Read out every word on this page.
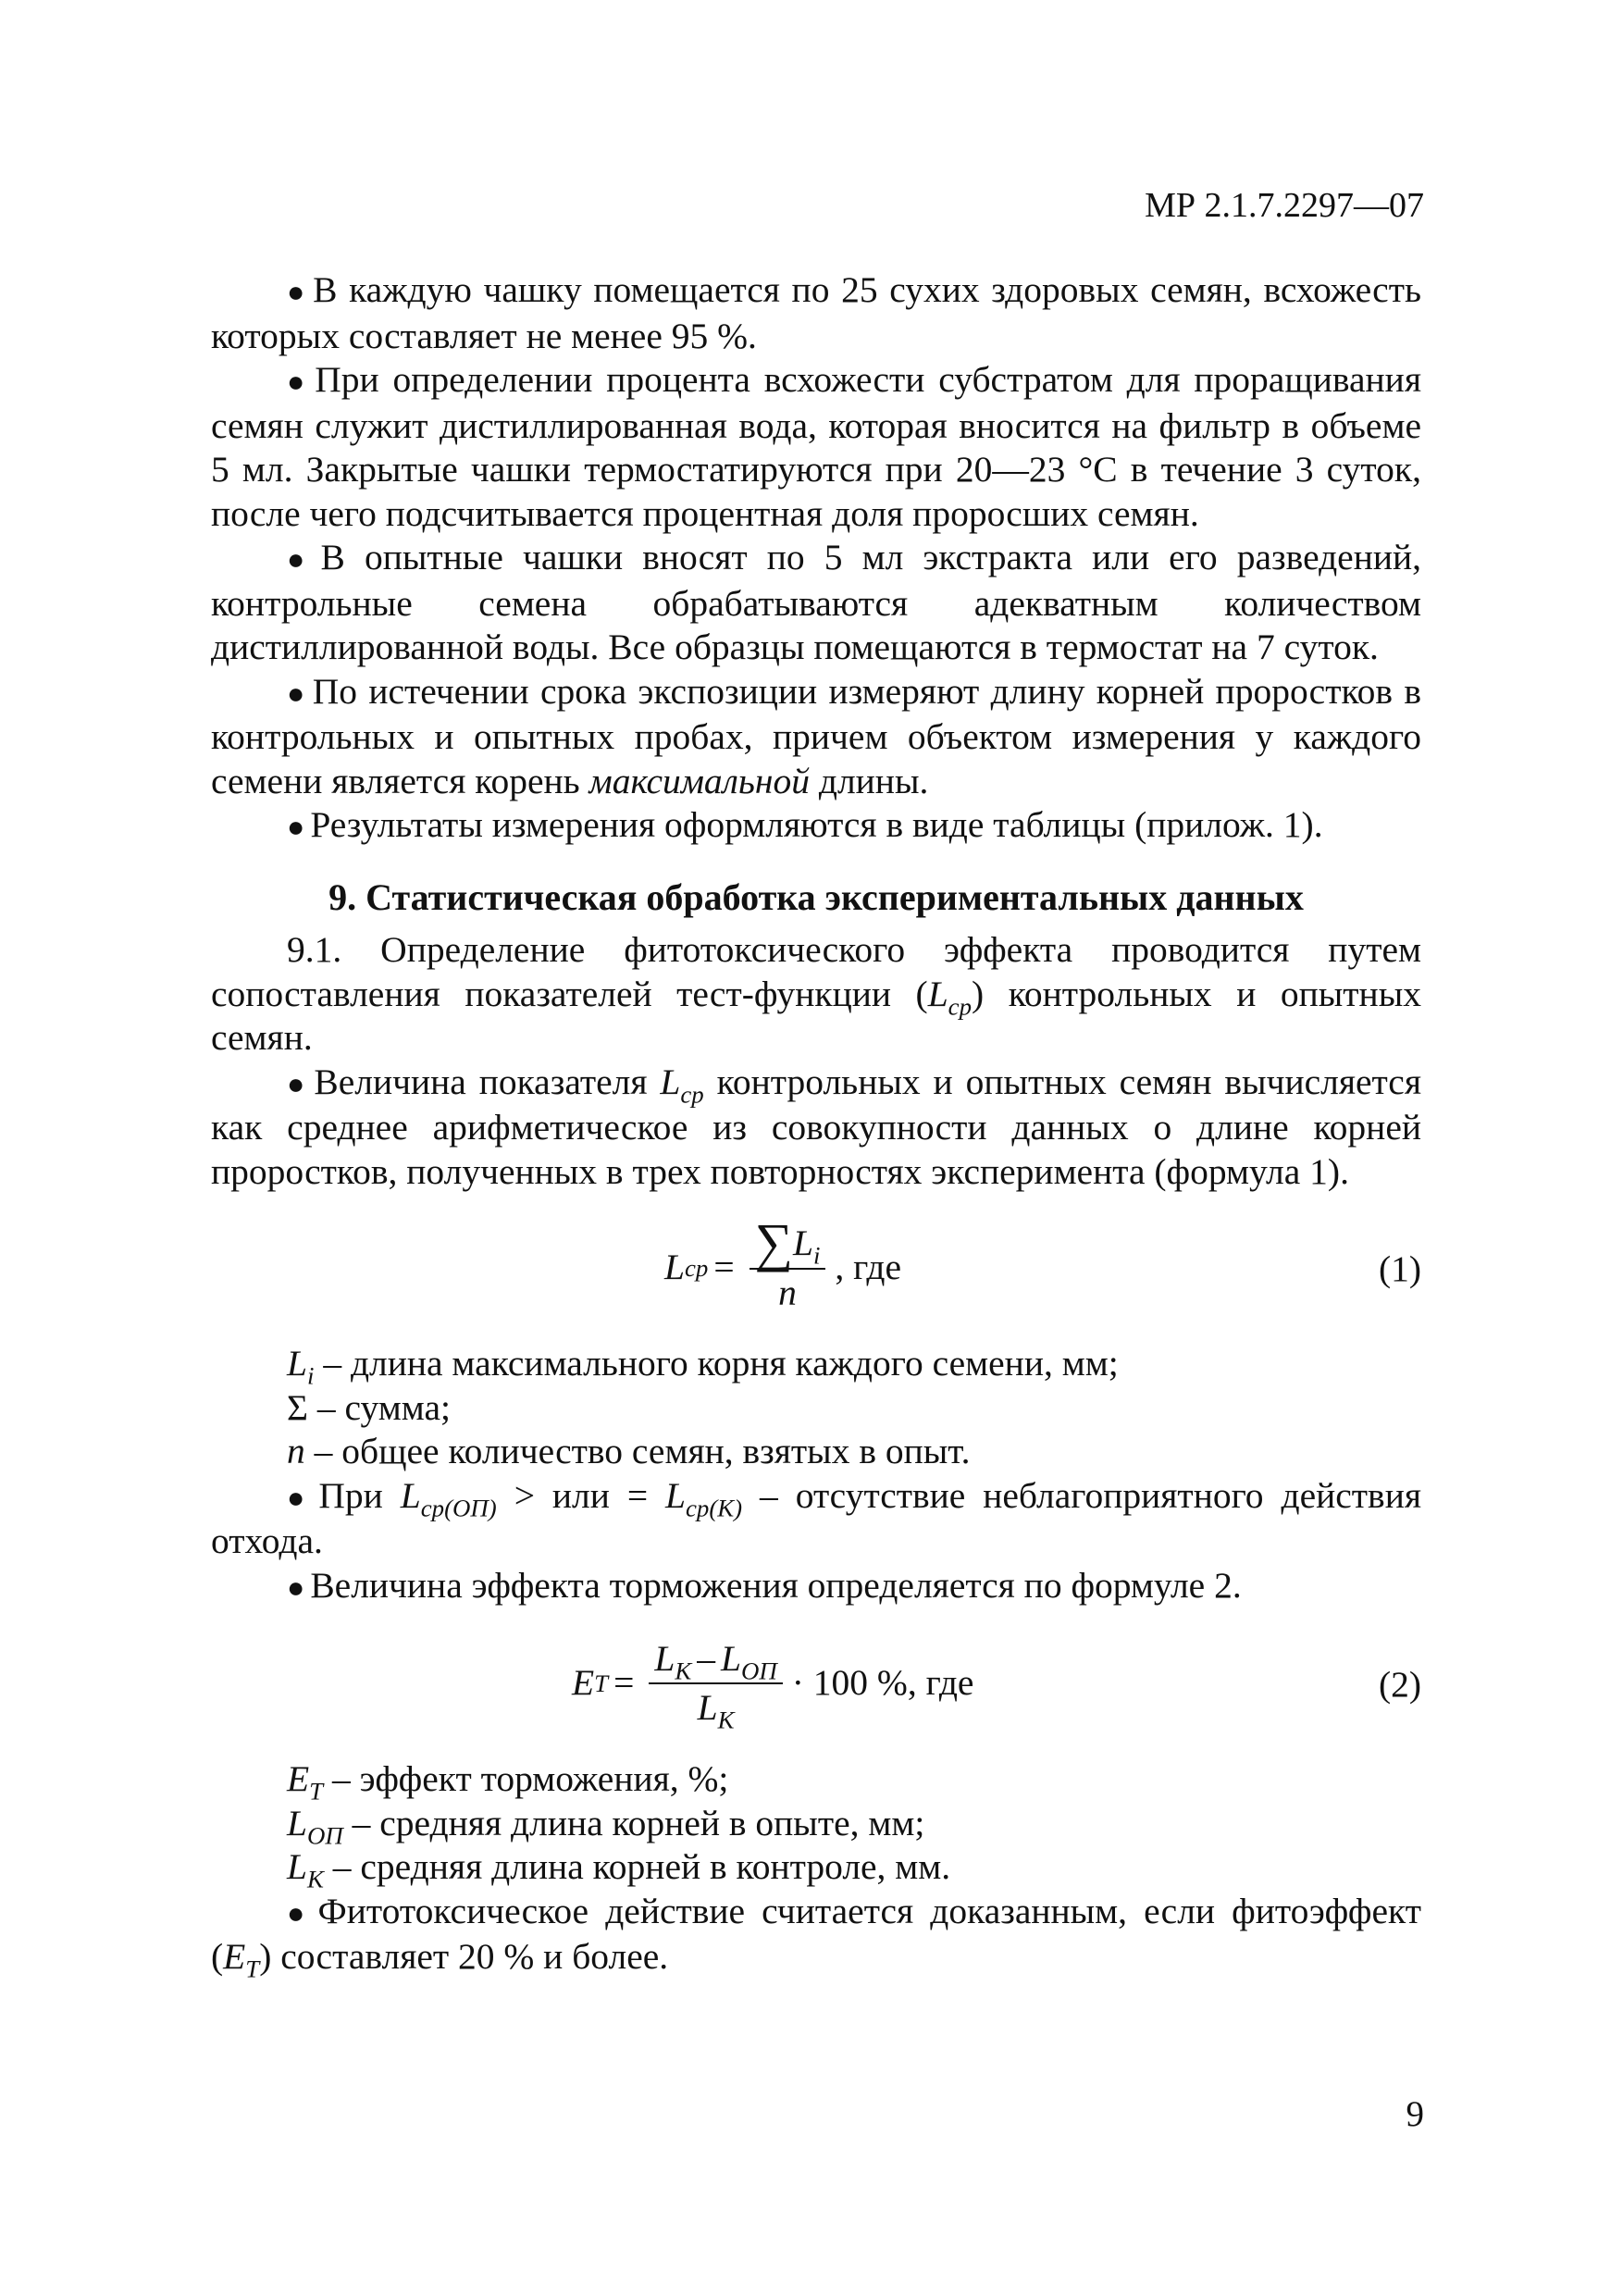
МР 2.1.7.2297—07

● В каждую чашку помещается по 25 сухих здоровых семян, всхожесть которых составляет не менее 95 %.

● При определении процента всхожести субстратом для проращивания семян служит дистиллированная вода, которая вносится на фильтр в объеме 5 мл. Закрытые чашки термостатируются при 20—23 °C в течение 3 суток, после чего подсчитывается процентная доля проросших семян.

● В опытные чашки вносят по 5 мл экстракта или его разведений, контрольные семена обрабатываются адекватным количеством дистиллированной воды. Все образцы помещаются в термостат на 7 суток.

● По истечении срока экспозиции измеряют длину корней проростков в контрольных и опытных пробах, причем объектом измерения у каждого семени является корень максимальной длины.

● Результаты измерения оформляются в виде таблицы (прилож. 1).

9. Статистическая обработка экспериментальных данных

9.1. Определение фитотоксического эффекта проводится путем сопоставления показателей тест-функции $(L_{ср})$ контрольных и опытных семян.

● Величина показателя $L_{ср}$ контрольных и опытных семян вычисляется как среднее арифметическое из совокупности данных о длине корней проростков, полученных в трех повторностях эксперимента (формула 1).

L ср = $\frac{\sum L_i}{n}$ , где	(1)

$L_i$ – длина максимального корня каждого семени, мм;

Σ – сумма;

n – общее количество семян, взятых в опыт.

● При $L_{ср(ОП)}$ > или = $L_{ср(К)}$ – отсутствие неблагоприятного действия отхода.

● Величина эффекта торможения определяется по формуле 2.

E $T = \frac{L_K - L_{ОП}}{L_K} \cdot 100$ % , где	(2)

$E_T$ – эффект торможения, %;

$L_{ОП}$ – средняя длина корней в опыте, мм;

$L_K$ – средняя длина корней в контроле, мм.

● Фитотоксическое действие считается доказанным, если фитоэффект $(E_T)$ составляет 20 % и более.

9
